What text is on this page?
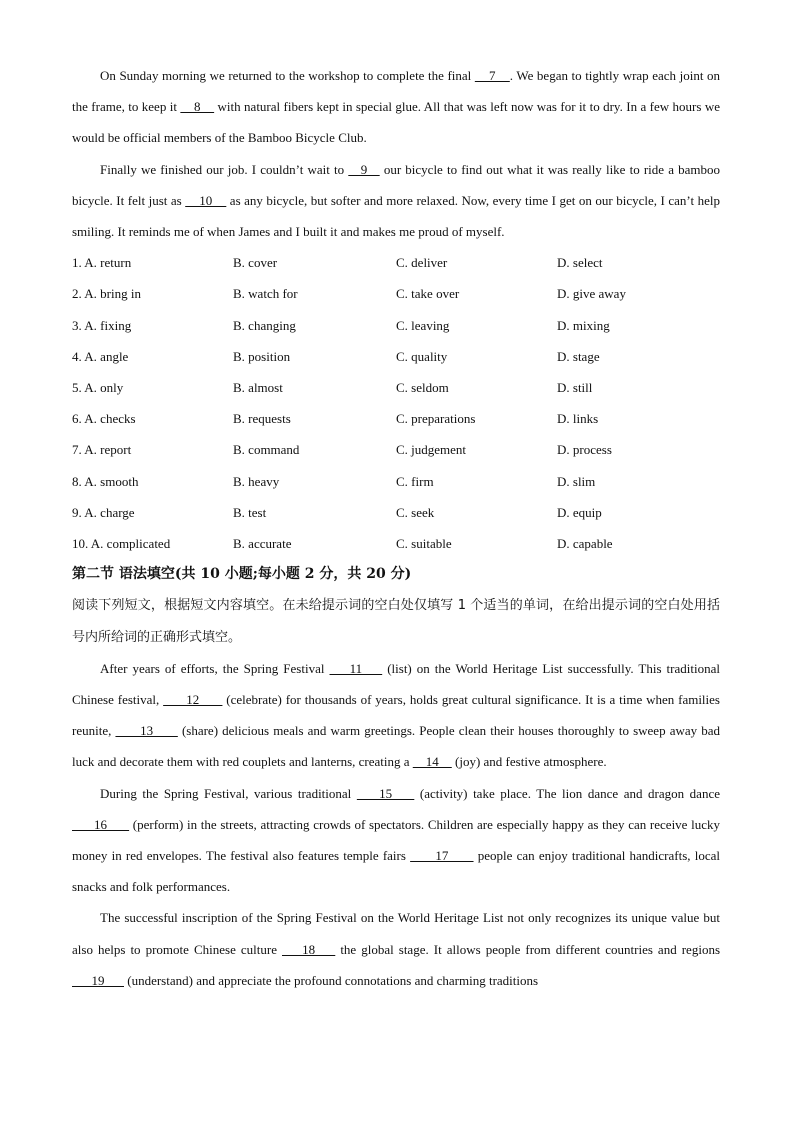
On Sunday morning we returned to the workshop to complete the final     7    . We began to tightly wrap each joint on the frame, to keep it     8     with natural fibers kept in special glue. All that was left now was for it to dry. In a few hours we would be official members of the Bamboo Bicycle Club.

Finally we finished our job. I couldn’t wait to    9    our bicycle to find out what it was really like to ride a bamboo bicycle. It felt just as     10     as any bicycle, but softer and more relaxed. Now, every time I get on our bicycle, I can’t help smiling. It reminds me of when James and I built it and makes me proud of myself.

1. A. return	B. cover	C. deliver	D. select
2. A. bring in	B. watch for	C. take over	D. give away
3. A. fixing	B. changing	C. leaving	D. mixing
4. A. angle	B. position	C. quality	D. stage
5. A. only	B. almost	C. seldom	D. still
6. A. checks	B. requests	C. preparations	D. links
7. A. report	B. command	C. judgement	D. process
8. A. smooth	B. heavy	C. firm	D. slim
9. A. charge	B. test	C. seek	D. equip
10. A. complicated	B. accurate	C. suitable	D. capable

第二节 语法填空(共 10 小题;每小题 2 分，共 20 分)

阅读下列短文，根据短文内容填空。在未给提示词的空白处仅填写 1 个适当的单词，在给出提示词的空白处用括号内所给词的正确形式填空。

After years of efforts, the Spring Festival     11     (list) on the World Heritage List successfully. This traditional Chinese festival,       12       (celebrate) for thousands of years, holds great cultural significance. It is a time when families reunite,       13       (share) delicious meals and warm greetings. People clean their houses thoroughly to sweep away bad luck and decorate them with red couplets and lanterns, creating a     14     (joy) and festive atmosphere.

During the Spring Festival, various traditional     15     (activity) take place. The lion dance and dragon dance       16       (perform) in the streets, attracting crowds of spectators. Children are especially happy as they can receive lucky money in red envelopes. The festival also features temple fairs       17       people can enjoy traditional handicrafts, local snacks and folk performances.

The successful inscription of the Spring Festival on the World Heritage List not only recognizes its unique value but also helps to promote Chinese culture     18     the global stage. It allows people from different countries and regions       19       (understand) and appreciate the profound connotations and charming traditions
